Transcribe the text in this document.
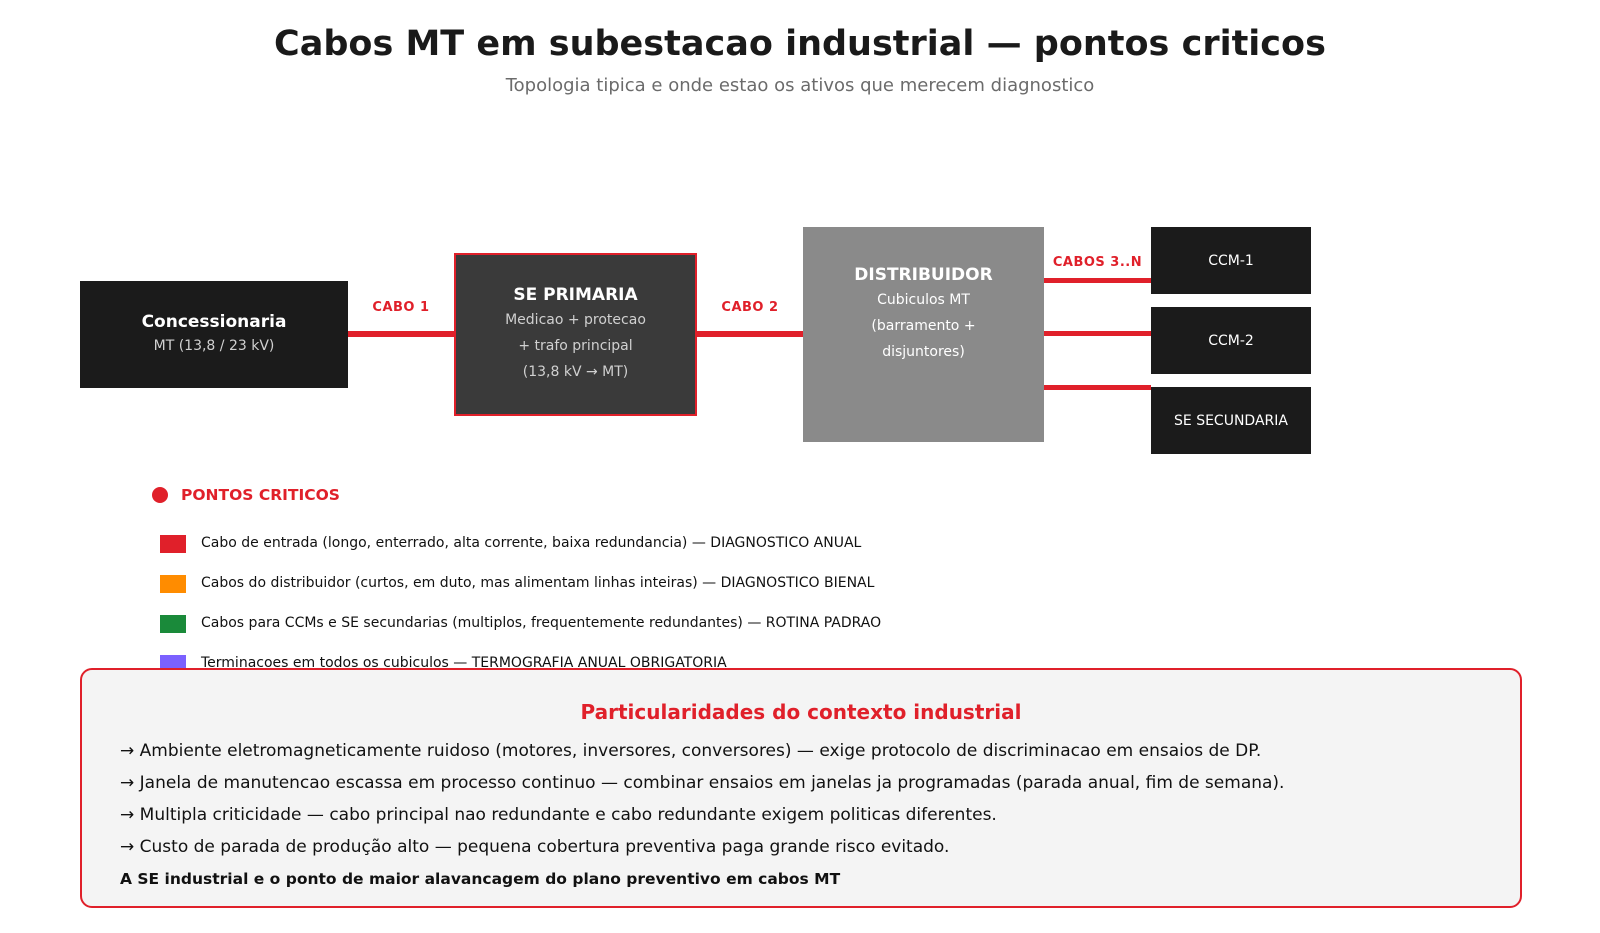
Cabos MT em subestacao industrial — pontos criticos
Topologia tipica e onde estao os ativos que merecem diagnostico
Concessionaria
MT (13,8 / 23 kV)
CABO 1
SE PRIMARIA
Medicao + protecao
+ trafo principal
(13,8 kV → MT)
CABO 2
DISTRIBUIDOR
Cubiculos MT
(barramento +
disjuntores)
CABOS 3..N	CCM-1
CCM-2
SE SECUNDARIA
PONTOS CRITICOS
Cabo de entrada (longo, enterrado, alta corrente, baixa redundancia) — DIAGNOSTICO ANUAL
Cabos do distribuidor (curtos, em duto, mas alimentam linhas inteiras) — DIAGNOSTICO BIENAL
Cabos para CCMs e SE secundarias (multiplos, frequentemente redundantes) — ROTINA PADRAO
Terminacoes em todos os cubiculos — TERMOGRAFIA ANUAL OBRIGATORIA
Particularidades do contexto industrial
→ Ambiente eletromagneticamente ruidoso (motores, inversores, conversores) — exige protocolo de discriminacao em ensaios de DP.
→ Janela de manutencao escassa em processo continuo — combinar ensaios em janelas ja programadas (parada anual, fim de semana).
→ Multipla criticidade — cabo principal nao redundante e cabo redundante exigem politicas diferentes.
→ Custo de parada de produção alto — pequena cobertura preventiva paga grande risco evitado.
A SE industrial e o ponto de maior alavancagem do plano preventivo em cabos MT
